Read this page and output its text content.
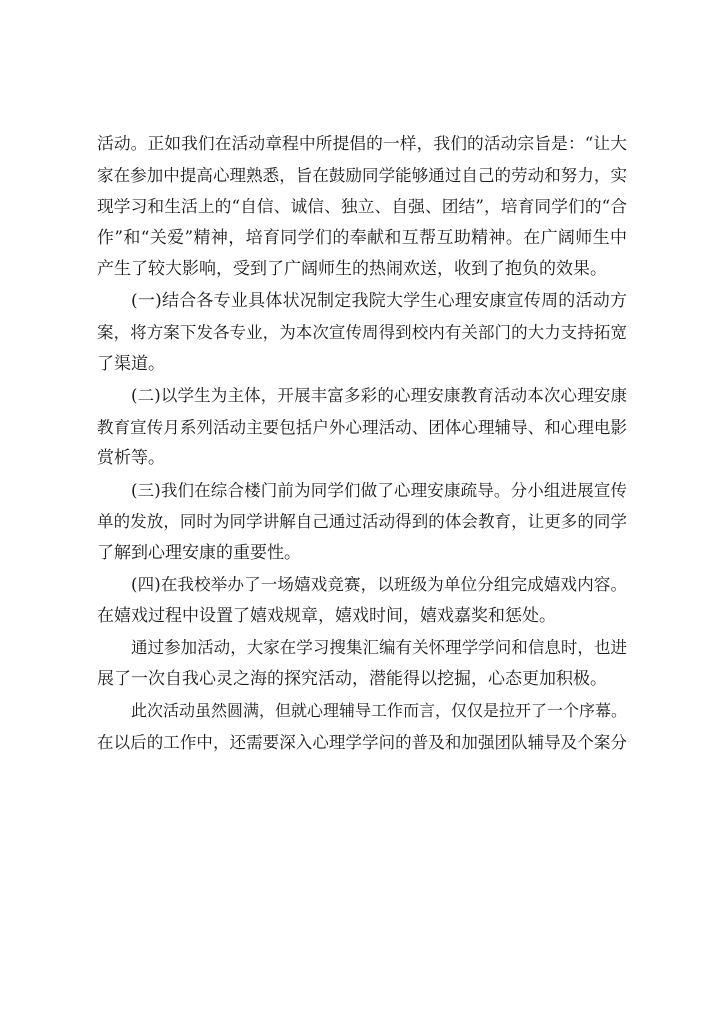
活动。正如我们在活动章程中所提倡的一样，我们的活动宗旨是：“让大
家在参加中提高心理熟悉，旨在鼓励同学能够通过自己的劳动和努力，实
现学习和生活上的“自信、诚信、独立、自强、团结”，培育同学们的“合
作”和“关爱”精神，培育同学们的奉献和互帮互助精神。在广阔师生中
产生了较大影响，受到了广阔师生的热闹欢送，收到了抱负的效果。
(一)结合各专业具体状况制定我院大学生心理安康宣传周的活动方
案，将方案下发各专业，为本次宣传周得到校内有关部门的大力支持拓宽
了渠道。
(二)以学生为主体，开展丰富多彩的心理安康教育活动本次心理安康
教育宣传月系列活动主要包括户外心理活动、团体心理辅导、和心理电影
赏析等。
(三)我们在综合楼门前为同学们做了心理安康疏导。分小组进展宣传
单的发放，同时为同学讲解自己通过活动得到的体会教育，让更多的同学
了解到心理安康的重要性。
(四)在我校举办了一场嬉戏竞赛，以班级为单位分组完成嬉戏内容。
在嬉戏过程中设置了嬉戏规章，嬉戏时间，嬉戏嘉奖和惩处。
通过参加活动，大家在学习搜集汇编有关怀理学学问和信息时，也进
展了一次自我心灵之海的探究活动，潜能得以挖掘，心态更加积极。
此次活动虽然圆满，但就心理辅导工作而言，仅仅是拉开了一个序幕。
在以后的工作中，还需要深入心理学学问的普及和加强团队辅导及个案分
